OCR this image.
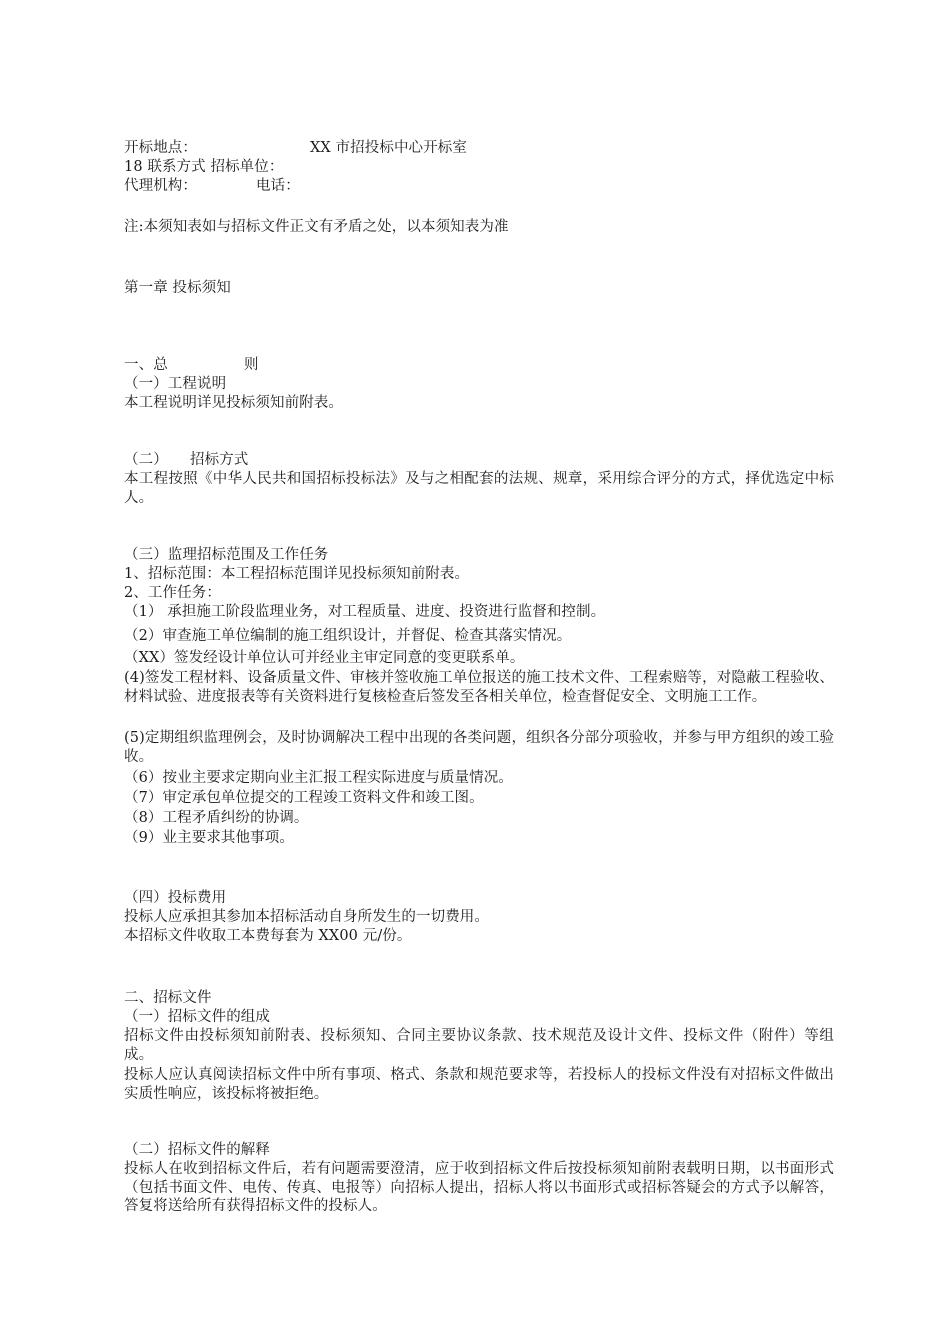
开标地点：	XX 市招投标中心开标室
18 联系方式 招标单位：
代理机构：	电话：
注:本须知表如与招标文件正文有矛盾之处，以本须知表为准
第一章 投标须知
一、总	则
（一）工程说明
本工程说明详见投标须知前附表。
（二） 招标方式
本工程按照《中华人民共和国招标投标法》及与之相配套的法规、规章，采用综合评分的方式，择优选定中标人。
（三）监理招标范围及工作任务
1、招标范围：本工程招标范围详见投标须知前附表。
2、工作任务：
（1） 承担施工阶段监理业务，对工程质量、进度、投资进行监督和控制。
（2）审查施工单位编制的施工组织设计，并督促、检查其落实情况。
（XX）签发经设计单位认可并经业主审定同意的变更联系单。
(4)签发工程材料、设备质量文件、审核并签收施工单位报送的施工技术文件、工程索赔等，对隐蔽工程验收、材料试验、进度报表等有关资料进行复核检查后签发至各相关单位，检查督促安全、文明施工工作。
(5)定期组织监理例会，及时协调解决工程中出现的各类问题，组织各分部分项验收，并参与甲方组织的竣工验收。
（6）按业主要求定期向业主汇报工程实际进度与质量情况。
（7）审定承包单位提交的工程竣工资料文件和竣工图。
（8）工程矛盾纠纷的协调。
（9）业主要求其他事项。
（四）投标费用
投标人应承担其参加本招标活动自身所发生的一切费用。
本招标文件收取工本费每套为 XX00 元/份。
二、招标文件
（一）招标文件的组成
招标文件由投标须知前附表、投标须知、合同主要协议条款、技术规范及设计文件、投标文件（附件）等组成。
投标人应认真阅读招标文件中所有事项、格式、条款和规范要求等，若投标人的投标文件没有对招标文件做出实质性响应，该投标将被拒绝。
（二）招标文件的解释
投标人在收到招标文件后，若有问题需要澄清，应于收到招标文件后按投标须知前附表载明日期，以书面形式（包括书面文件、电传、传真、电报等）向招标人提出，招标人将以书面形式或招标答疑会的方式予以解答，答复将送给所有获得招标文件的投标人。
